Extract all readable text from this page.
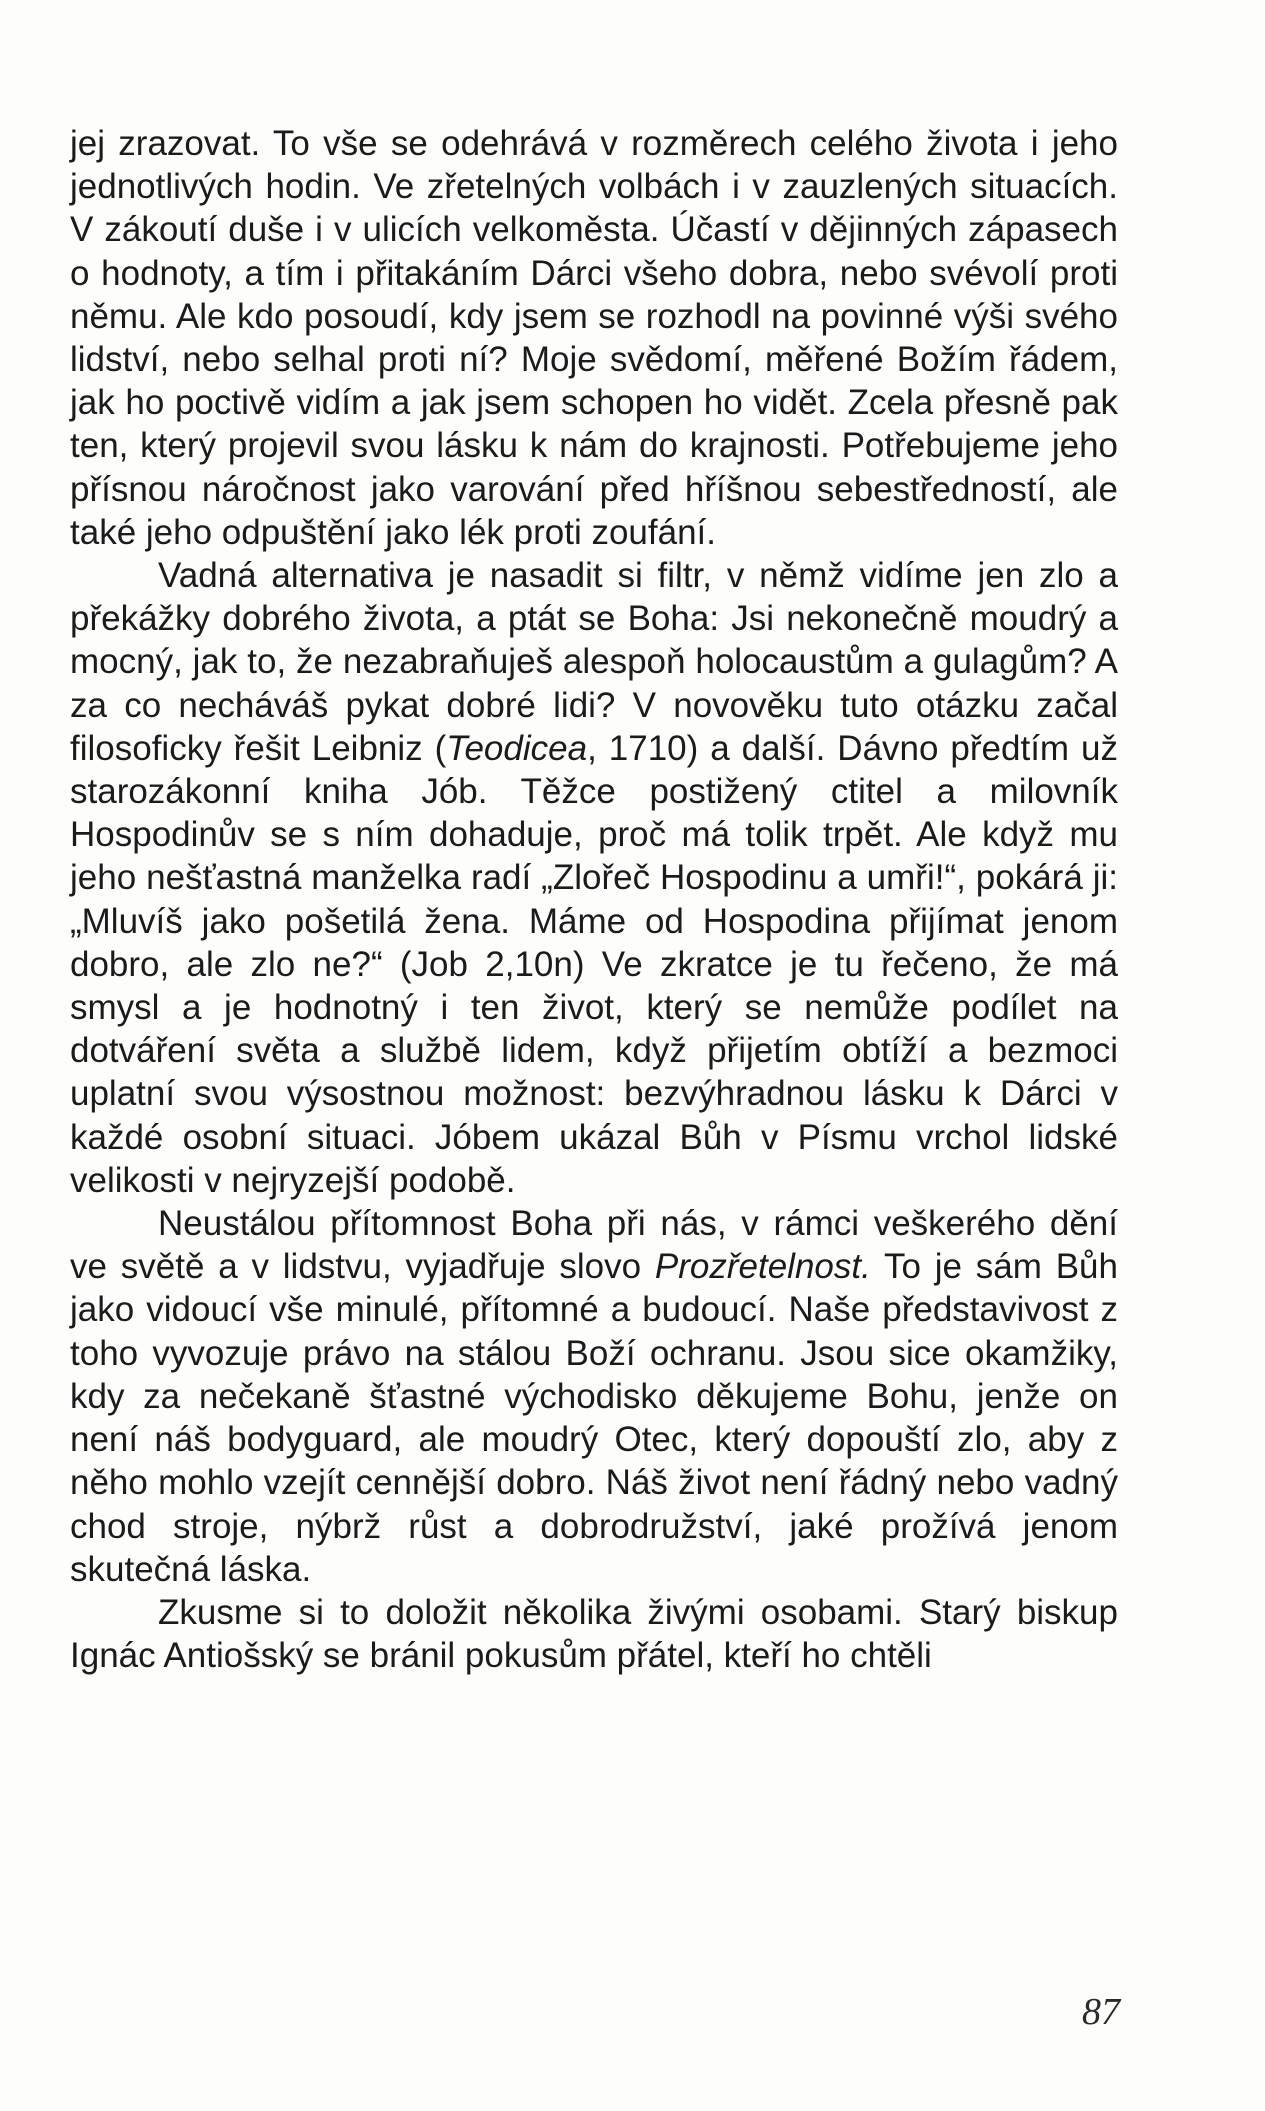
jej zrazovat. To vše se odehrává v rozměrech celého života i jeho jednotlivých hodin. Ve zřetelných volbách i v zauzlených situacích. V zákoutí duše i v ulicích velkoměsta. Účastí v dějinných zápasech o hodnoty, a tím i přitakáním Dárci všeho dobra, nebo svévolí proti němu. Ale kdo posoudí, kdy jsem se rozhodl na povinné výši svého lidství, nebo selhal proti ní? Moje svědomí, měřené Božím řádem, jak ho poctivě vidím a jak jsem schopen ho vidět. Zcela přesně pak ten, který projevil svou lásku k nám do krajnosti. Potřebujeme jeho přísnou náročnost jako varování před hříšnou sebestředností, ale také jeho odpuštění jako lék proti zoufání.

Vadná alternativa je nasadit si filtr, v němž vidíme jen zlo a překážky dobrého života, a ptát se Boha: Jsi nekonečně moudrý a mocný, jak to, že nezabraňuješ alespoň holocaustům a gulagům? A za co necháváš pykat dobré lidi? V novověku tuto otázku začal filosoficky řešit Leibniz (Teodicea, 1710) a další. Dávno předtím už starozákonní kniha Jób. Těžce postižený ctitel a milovník Hospodinův se s ním dohaduje, proč má tolik trpět. Ale když mu jeho nešťastná manželka radí „Zlořeč Hospodinu a umři!“, pokárá ji: „Mluvíš jako pošetilá žena. Máme od Hospodina přijímat jenom dobro, ale zlo ne?“ (Job 2,10n) Ve zkratce je tu řečeno, že má smysl a je hodnotný i ten život, který se nemůže podílet na dotváření světa a službě lidem, když přijetím obtíží a bezmoci uplatní svou výsostnou možnost: bezvýhradnou lásku k Dárci v každé osobní situaci. Jóbem ukázal Bůh v Písmu vrchol lidské velikosti v nejryzejší podobě.

Neustálou přítomnost Boha při nás, v rámci veškerého dění ve světě a v lidstvu, vyjadřuje slovo Prozřetelnost. To je sám Bůh jako vidoucí vše minulé, přítomné a budoucí. Naše představivost z toho vyvozuje právo na stálou Boží ochranu. Jsou sice okamžiky, kdy za nečekaně šťastné východisko děkujeme Bohu, jenže on není náš bodyguard, ale moudrý Otec, který dopouští zlo, aby z něho mohlo vzejít cennější dobro. Náš život není řádný nebo vadný chod stroje, nýbrž růst a dobrodružství, jaké prožívá jenom skutečná láska.

Zkusme si to doložit několika živými osobami. Starý biskup Ignác Antiošský se bránil pokusům přátel, kteří ho chtěli

87
